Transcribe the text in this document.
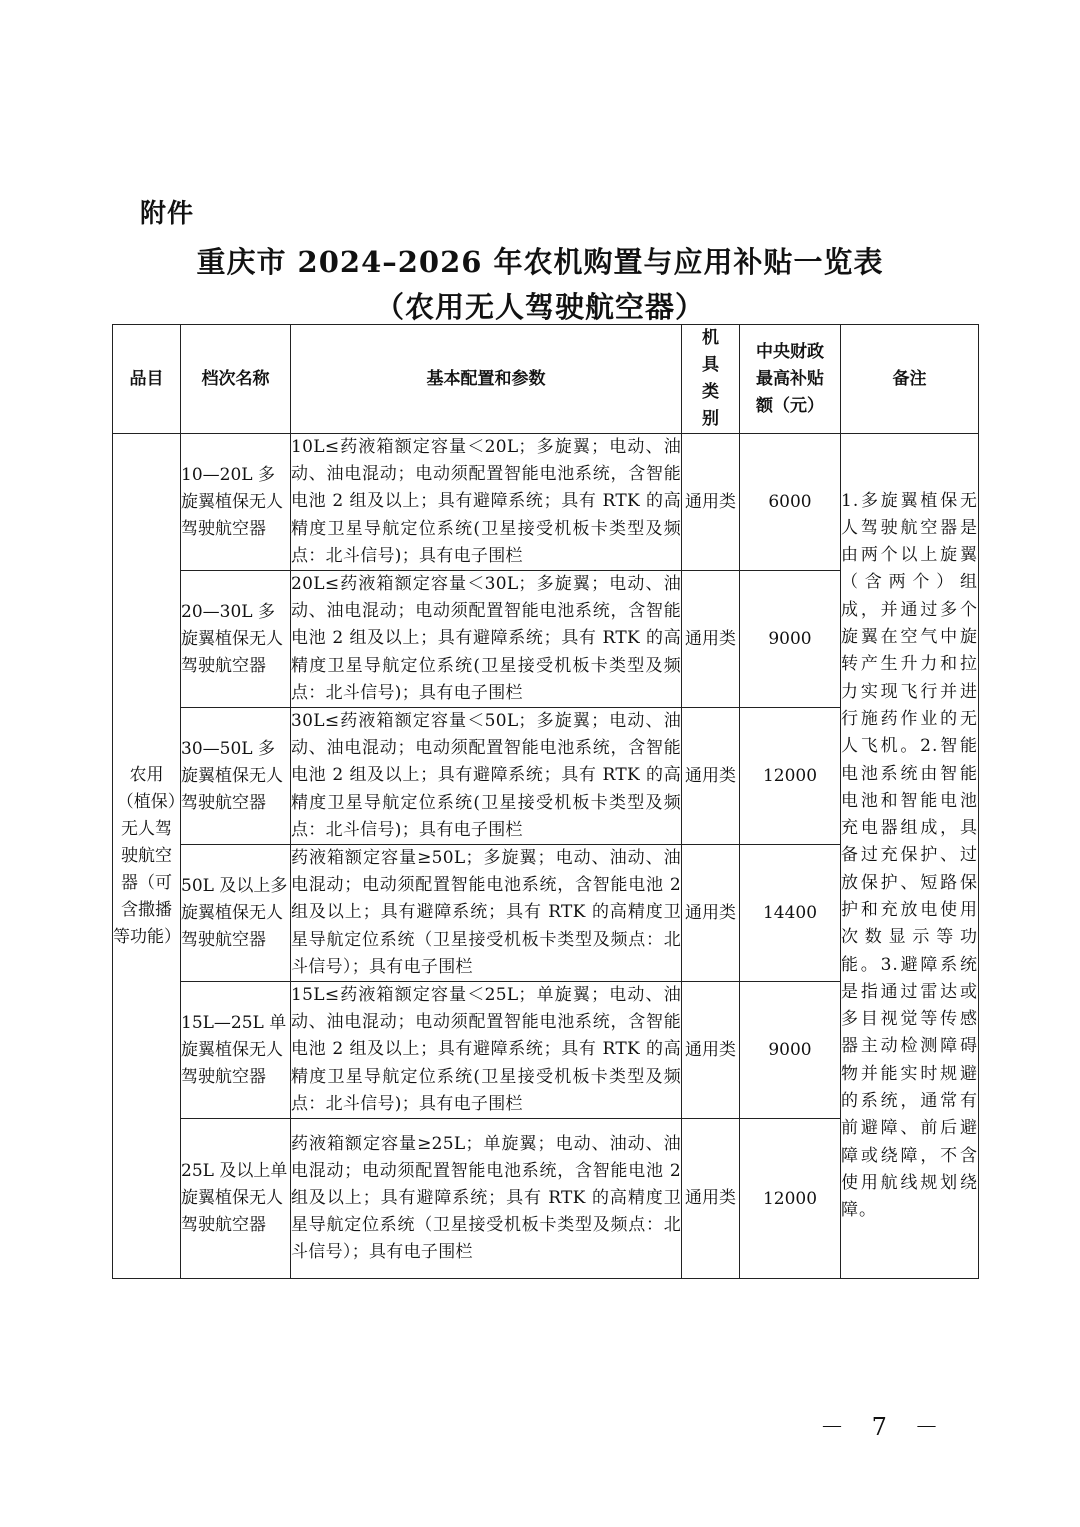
附件
重庆市 2024–2026 年农机购置与应用补贴一览表
（农用无人驾驶航空器）
品目	档次名称	基本配置和参数	机具类别	中央财政最高补贴额（元）	备注
农用（植保）无人驾驶航空器（可含撒播等功能）	10—20L 多旋翼植保无人驾驶航空器	10L≤药液箱额定容量＜20L；多旋翼；电动、油动、油电混动；电动须配置智能电池系统，含智能电池 2 组及以上；具有避障系统；具有 RTK 的高精度卫星导航定位系统(卫星接受机板卡类型及频点：北斗信号)；具有电子围栏	通用类	6000	1.多旋翼植保无人驾驶航空器是由两个以上旋翼（含两个）组成，并通过多个旋翼在空气中旋转产生升力和拉力实现飞行并进行施药作业的无人飞机。2.智能电池系统由智能电池和智能电池充电器组成，具备过充保护、过放保护、短路保护和充放电使用次数显示等功能。3.避障系统是指通过雷达或多目视觉等传感器主动检测障碍物并能实时规避的系统，通常有前避障、前后避障或绕障，不含使用航线规划绕障。
	20—30L 多旋翼植保无人驾驶航空器	20L≤药液箱额定容量＜30L；多旋翼；电动、油动、油电混动；电动须配置智能电池系统，含智能电池 2 组及以上；具有避障系统；具有 RTK 的高精度卫星导航定位系统(卫星接受机板卡类型及频点：北斗信号)；具有电子围栏	通用类	9000	
	30—50L 多旋翼植保无人驾驶航空器	30L≤药液箱额定容量＜50L；多旋翼；电动、油动、油电混动；电动须配置智能电池系统，含智能电池 2 组及以上；具有避障系统；具有 RTK 的高精度卫星导航定位系统(卫星接受机板卡类型及频点：北斗信号)；具有电子围栏	通用类	12000	
	50L 及以上多旋翼植保无人驾驶航空器	药液箱额定容量≥50L；多旋翼；电动、油动、油电混动；电动须配置智能电池系统，含智能电池 2 组及以上；具有避障系统；具有 RTK 的高精度卫星导航定位系统（卫星接受机板卡类型及频点：北斗信号）；具有电子围栏	通用类	14400	
	15L—25L 单旋翼植保无人驾驶航空器	15L≤药液箱额定容量＜25L；单旋翼；电动、油动、油电混动；电动须配置智能电池系统，含智能电池 2 组及以上；具有避障系统；具有 RTK 的高精度卫星导航定位系统(卫星接受机板卡类型及频点：北斗信号)；具有电子围栏	通用类	9000	
	25L 及以上单旋翼植保无人驾驶航空器	药液箱额定容量≥25L；单旋翼；电动、油动、油电混动；电动须配置智能电池系统，含智能电池 2 组及以上；具有避障系统；具有 RTK 的高精度卫星导航定位系统（卫星接受机板卡类型及频点：北斗信号）；具有电子围栏	通用类	12000	
－ 7 －
